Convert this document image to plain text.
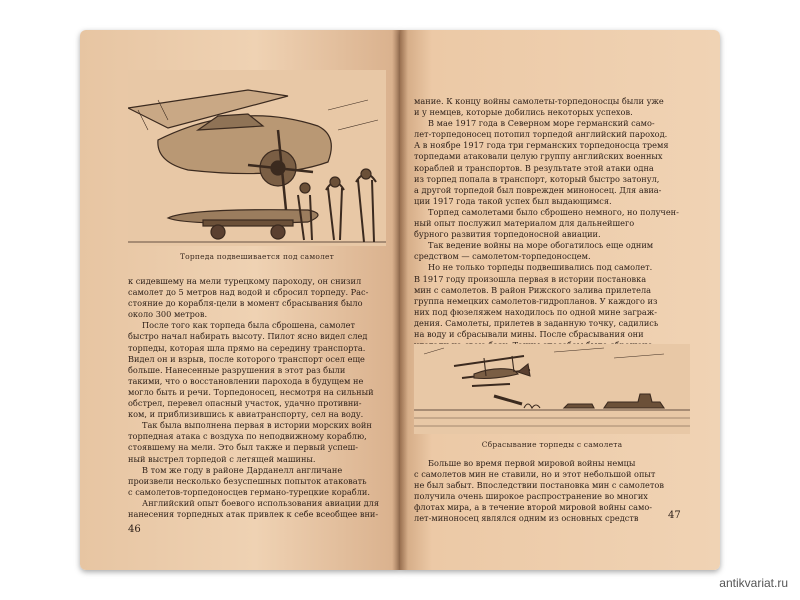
Торпеда подвешивается под самолет
к сидевшему на мели турецкому пароходу, он снизил
самолет до 5 метров над водой и сбросил торпеду. Рас-
стояние до корабля-цели в момент сбрасывания было
около 300 метров.
После того как торпеда была сброшена, самолет
быстро начал набирать высоту. Пилот ясно видел след
торпеды, которая шла прямо на середину транспорта.
Видел он и взрыв, после которого транспорт осел еще
больше. Нанесенные разрушения в этот раз были
такими, что о восстановлении парохода в будущем не
могло быть и речи. Торпедоносец, несмотря на сильный
обстрел, перевел опасный участок, удачно противни-
ком, и приблизившись к авиатранспорту, сел на воду.
Так была выполнена первая в истории морских войн
торпедная атака с воздуха по неподвижному кораблю,
стоявшему на мели. Это был также и первый успеш-
ный выстрел торпедой с летящей машины.
В том же году в районе Дарданелл англичане
произвели несколько безуспешных попыток атаковать
с самолетов-торпедоносцев германо-турецкие корабли.
Английский опыт боевого использования авиации для
нанесения торпедных атак привлек к себе всеобщее вни-
46
мание. К концу войны самолеты-торпедоносцы были уже
и у немцев, которые добились некоторых успехов.
В мае 1917 года в Северном море германский само-
лет-торпедоносец потопил торпедой английский пароход.
А в ноябре 1917 года три германских торпедоносца тремя
торпедами атаковали целую группу английских военных
кораблей и транспортов. В результате этой атаки одна
из торпед попала в транспорт, который быстро затонул,
а другой торпедой был поврежден миноносец. Для авиа-
ции 1917 года такой успех был выдающимся.
Торпед самолетами было сброшено немного, но получен-
ный опыт послужил материалом для дальнейшего
бурного развития торпедоносной авиации.
Так ведение войны на море обогатилось еще одним
средством — самолетом-торпедоносцем.
Но не только торпеды подвешивались под самолет.
В 1917 году произошла первая в истории постановка
мин с самолетов. В район Рижского залива прилетела
группа немецких самолетов-гидропланов. У каждого из
них под фюзеляжем находилось по одной мине заграж-
дения. Самолеты, прилетев в заданную точку, садились
на воду и сбрасывали мины. После сбрасывания они
Сбрасывание торпеды с самолета
Больше во время первой мировой войны немцы
с самолетов мин не ставили, но и этот небольшой опыт
не был забыт. Впоследствии постановка мин с самолетов
получила очень широкое распространение во многих
флотах мира, а в течение второй мировой войны само-
лет-миноносец являлся одним из основных средств	47
antikvariat.ru
